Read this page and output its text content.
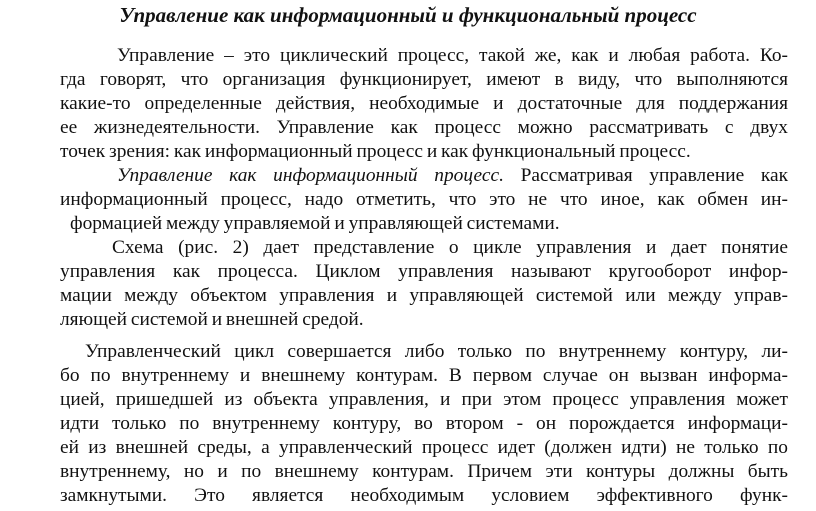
Управление как информационный и функциональный процесс
Управление – это циклический процесс, такой же, как и любая работа. Ко-
гда говорят, что организация функционирует, имеют в виду, что выполняются
какие-то определенные действия, необходимые и достаточные для поддержания
ее жизнедеятельности. Управление как процесс можно рассматривать с двух
точек зрения: как информационный процесс и как функциональный процесс.
Управление как информационный процесс. Рассматривая управление как
информационный процесс, надо отметить, что это не что иное, как обмен ин-
формацией между управляемой и управляющей системами.
Схема (рис. 2) дает представление о цикле управления и дает понятие
управления как процесса. Циклом управления называют кругооборот инфор-
мации между объектом управления и управляющей системой или между управ-
ляющей системой и внешней средой.
Управленческий цикл совершается либо только по внутреннему контуру, ли-
бо по внутреннему и внешнему контурам. В первом случае он вызван информа-
цией, пришедшей из объекта управления, и при этом процесс управления может
идти только по внутреннему контуру, во втором - он порождается информаци-
ей из внешней среды, а управленческий процесс идет (должен идти) не только по
внутреннему, но и по внешнему контурам. Причем эти контуры должны быть
замкнутыми. Это является необходимым условием эффективного функ-
